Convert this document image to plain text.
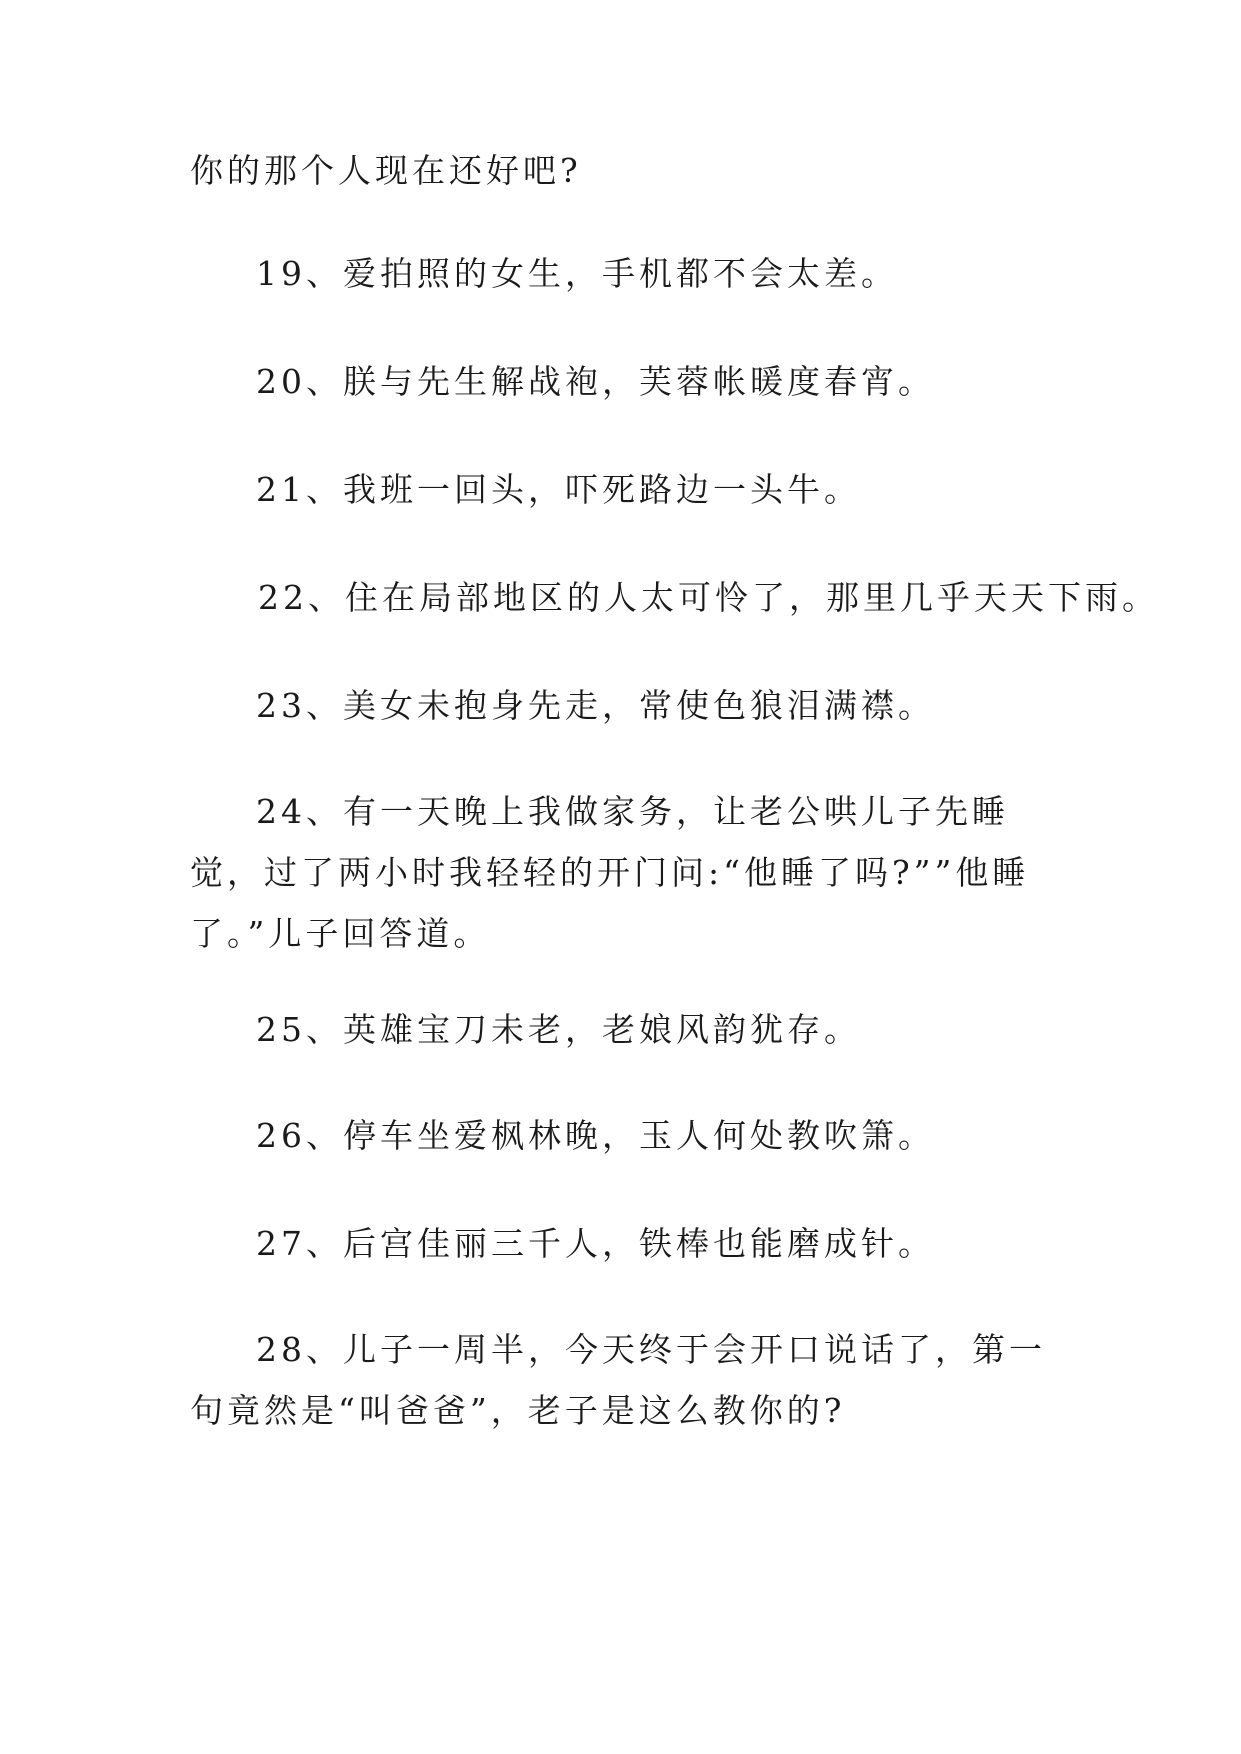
你的那个人现在还好吧?

19、爱拍照的女生，手机都不会太差。

20、朕与先生解战袍，芙蓉帐暖度春宵。

21、我班一回头，吓死路边一头牛。

22、住在局部地区的人太可怜了，那里几乎天天下雨。

23、美女未抱身先走，常使色狼泪满襟。

24、有一天晚上我做家务，让老公哄儿子先睡觉，过了两小时我轻轻的开门问:“他睡了吗?””他睡了。”儿子回答道。

25、英雄宝刀未老，老娘风韵犹存。

26、停车坐爱枫林晚，玉人何处教吹箫。

27、后宫佳丽三千人，铁棒也能磨成针。

28、儿子一周半，今天终于会开口说话了，第一句竟然是“叫爸爸”，老子是这么教你的?
